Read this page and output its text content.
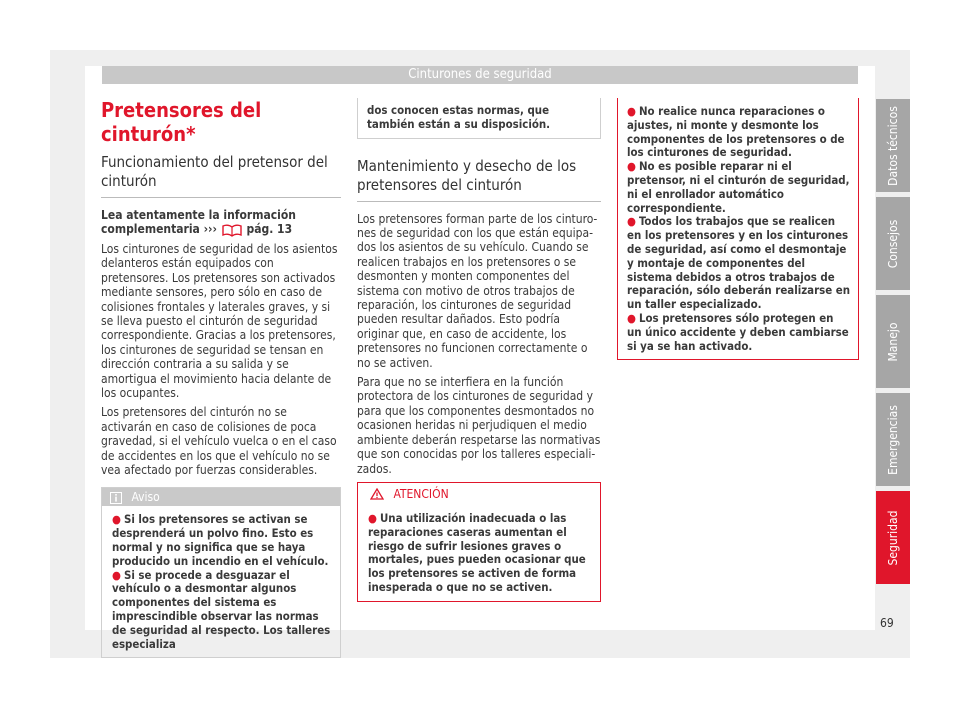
Cinturones de seguridad
Pretensores del cinturón*
Funcionamiento del pretensor del cinturón

Lea atentamente la información complementaria ›››  pág. 13

Los cinturones de seguridad de los asientos delanteros están equipados con pretensores. Los pretensores son activados mediante sensores, pero sólo en caso de colisiones frontales y laterales graves, y si se lleva puesto el cinturón de seguridad correspondiente. Gracias a los pretensores, los cinturones de seguridad se tensan en dirección contraria a su salida y se amortigua el movimiento hacia delante de los ocupantes.

Los pretensores del cinturón no se activarán en caso de colisiones de poca gravedad, si el vehículo vuelca o en el caso de accidentes en los que el vehículo no se vea afectado por fuerzas considerables.

Aviso
● Si los pretensores se activan se desprenderá un polvo fino. Esto es normal y no significa que se haya producido un incendio en el vehículo.
● Si se procede a desguazar el vehículo o a desmontar algunos componentes del sistema es imprescindible observar las normas de seguridad al respecto. Los talleres especializa
dos conocen estas normas, que también están a su disposición.
Mantenimiento y desecho de los pretensores del cinturón

Los pretensores forman parte de los cinturones de seguridad con los que están equipados los asientos de su vehículo. Cuando se realicen trabajos en los pretensores o se desmonten y monten componentes del sistema con motivo de otros trabajos de reparación, los cinturones de seguridad pueden resultar dañados. Esto podría originar que, en caso de accidente, los pretensores no funcionen correctamente o no se activen.

Para que no se interfiera en la función protectora de los cinturones de seguridad y para que los componentes desmontados no ocasionen heridas ni perjudiquen el medio ambiente deberán respetarse las normativas que son conocidas por los talleres especializados.

ATENCIÓN
● Una utilización inadecuada o las reparaciones caseras aumentan el riesgo de sufrir lesiones graves o mortales, pues pueden ocasionar que los pretensores se activen de forma inesperada o que no se activen.
● No realice nunca reparaciones o ajustes, ni monte y desmonte los componentes de los pretensores o de los cinturones de seguridad.
● No es posible reparar ni el pretensor, ni el cinturón de seguridad, ni el enrollador automático correspondiente.
● Todos los trabajos que se realicen en los pretensores y en los cinturones de seguridad, así como el desmontaje y montaje de componentes del sistema debidos a otros trabajos de reparación, sólo deberán realizarse en un taller especializado.
● Los pretensores sólo protegen en un único accidente y deben cambiarse si ya se han activado.
Datos técnicos
Consejos
Manejo
Emergencias
Seguridad
69
